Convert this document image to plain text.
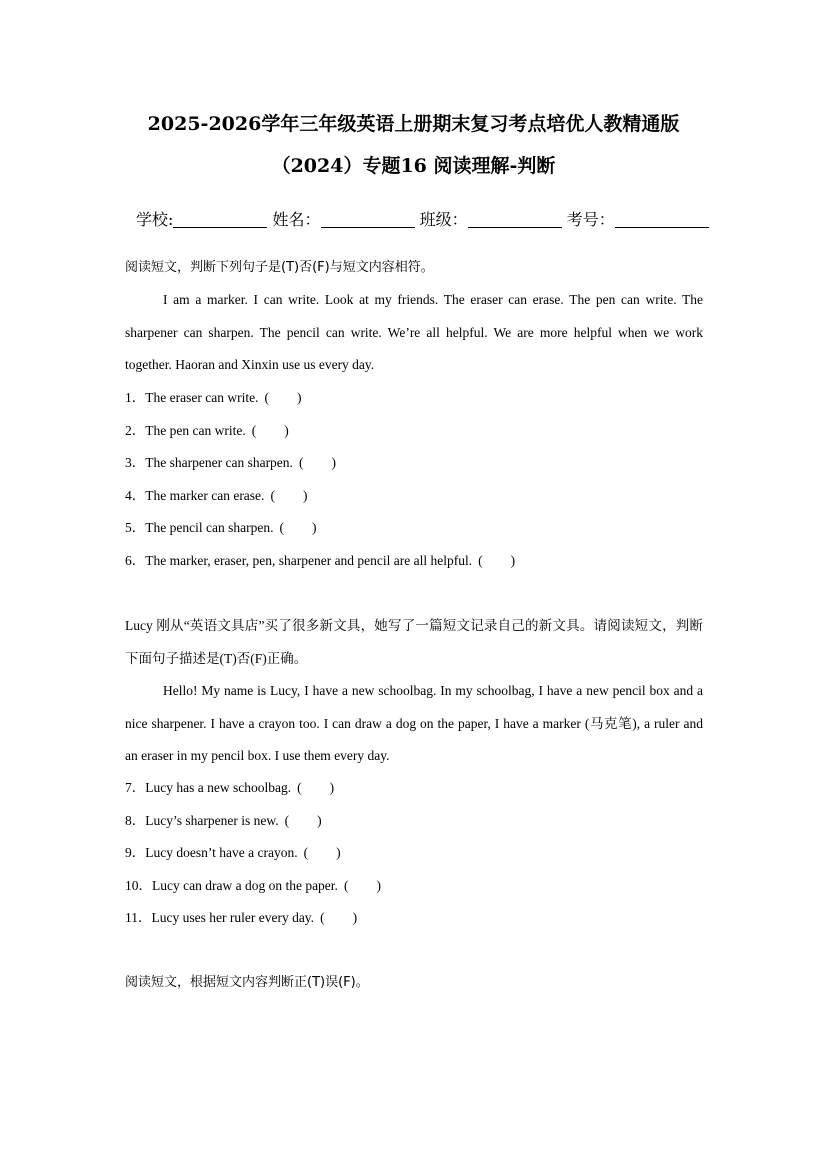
2025-2026学年三年级英语上册期末复习考点培优人教精通版
（2024）专题16 阅读理解-判断
学校:	姓名：	班级：	考号：
阅读短文，判断下列句子是(T)否(F)与短文内容相符。
I am a marker. I can write. Look at my friends. The eraser can erase. The pen can write. The sharpener can sharpen. The pencil can write. We’re all helpful. We are more helpful when we work together. Haoran and Xinxin use us every day.
1．The eraser can write. ( )
2．The pen can write. ( )
3．The sharpener can sharpen. ( )
4．The marker can erase. ( )
5．The pencil can sharpen. ( )
6．The marker, eraser, pen, sharpener and pencil are all helpful. ( )
Lucy 刚从“英语文具店”买了很多新文具，她写了一篇短文记录自己的新文具。请阅读短文，判断下面句子描述是(T)否(F)正确。
Hello! My name is Lucy, I have a new schoolbag. In my schoolbag, I have a new pencil box and a nice sharpener. I have a crayon too. I can draw a dog on the paper, I have a marker (马克笔), a ruler and an eraser in my pencil box. I use them every day.
7．Lucy has a new schoolbag. ( )
8．Lucy’s sharpener is new. ( )
9．Lucy doesn’t have a crayon. ( )
10．Lucy can draw a dog on the paper. ( )
11．Lucy uses her ruler every day. ( )
阅读短文，根据短文内容判断正(T)误(F)。
